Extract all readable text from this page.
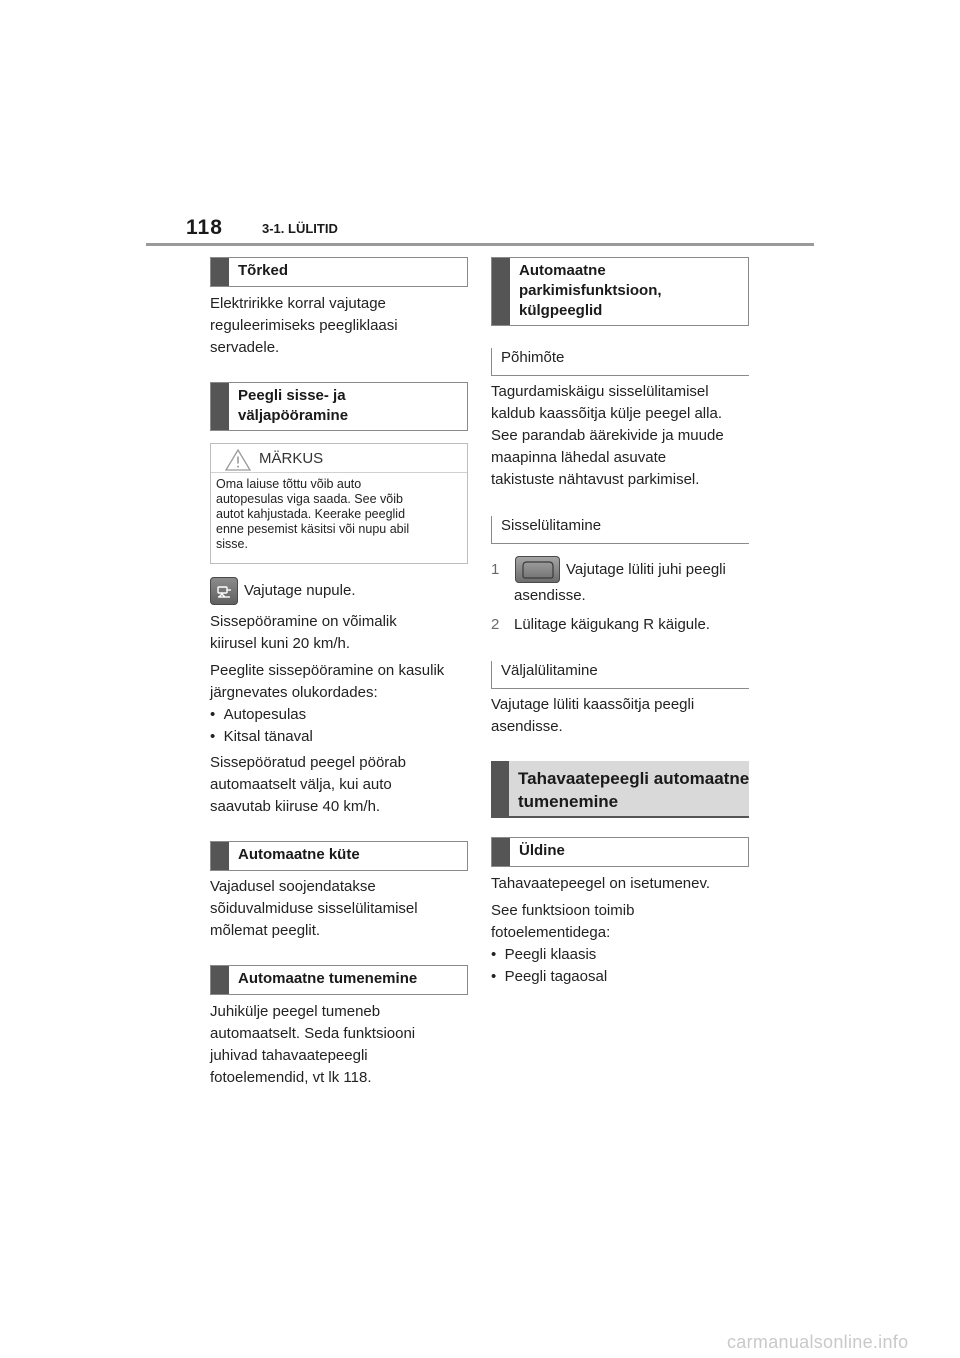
118	3-1. LÜLITID
Tõrked
Elektririkke korral vajutage
reguleerimiseks peegliklaasi
servadele.
Peegli sisse- ja
väljapööramine
MÄRKUS
Oma laiuse tõttu võib auto
autopesulas viga saada. See võib
autot kahjustada. Keerake peeglid
enne pesemist käsitsi või nupu abil
sisse.
Vajutage nupule.
Sissepööramine on võimalik
kiirusel kuni 20 km/h.
Peeglite sissepööramine on kasulik
järgnevates olukordades:
•  Autopesulas
•  Kitsal tänaval
Sissepööratud peegel pöörab
automaatselt välja, kui auto
saavutab kiiruse 40 km/h.
Automaatne küte
Vajadusel soojendatakse
sõiduvalmiduse sisselülitamisel
mõlemat peeglit.
Automaatne tumenemine
Juhikülje peegel tumeneb
automaatselt. Seda funktsiooni
juhivad tahavaatepeegli
fotoelemendid, vt lk 118.
Automaatne
parkimisfunktsioon,
külgpeeglid
Põhimõte
Tagurdamiskäigu sisselülitamisel
kaldub kaassõitja külje peegel alla.
See parandab äärekivide ja muude
maapinna lähedal asuvate
takistuste nähtavust parkimisel.
Sisselülitamine
1	Vajutage lüliti juhi peegli
asendisse.
2 Lülitage käigukang R käigule.
Väljalülitamine
Vajutage lüliti kaassõitja peegli
asendisse.
Tahavaatepeegli automaatne
tumenemine
Üldine
Tahavaatepeegel on isetumenev.
See funktsioon toimib
fotoelementidega:
•  Peegli klaasis
•  Peegli tagaosal
carmanualsonline.info
